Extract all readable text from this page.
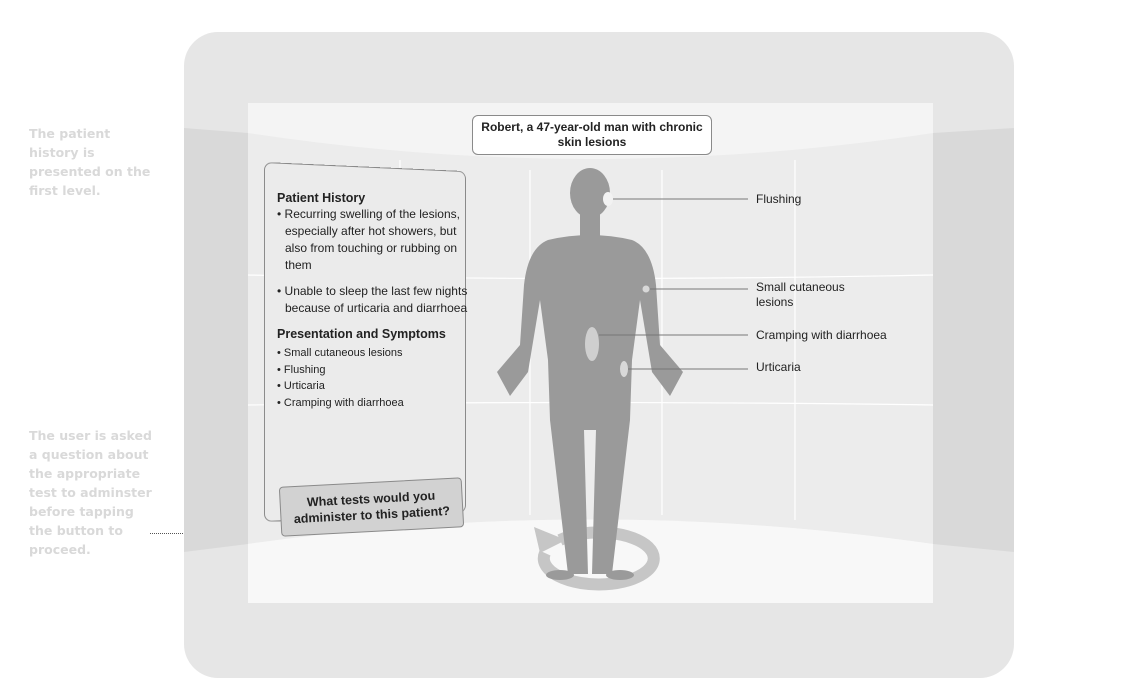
The patient history is presented on the first level.
The user is asked a question about the appropriate test to adminster before tapping the button to proceed.
Robert, a 47-year-old man with chronic skin lesions
Patient History
• Recurring swelling of the lesions, especially after hot showers, but also from touching or rubbing on them
• Unable to sleep the last few nights because of urticaria and diarrhoea
Presentation and Symptoms
• Small cutaneous lesions
• Flushing
• Urticaria
• Cramping with diarrhoea
What tests would you administer to this patient?
Flushing
Small cutaneous lesions
Cramping with diarrhoea
Urticaria
